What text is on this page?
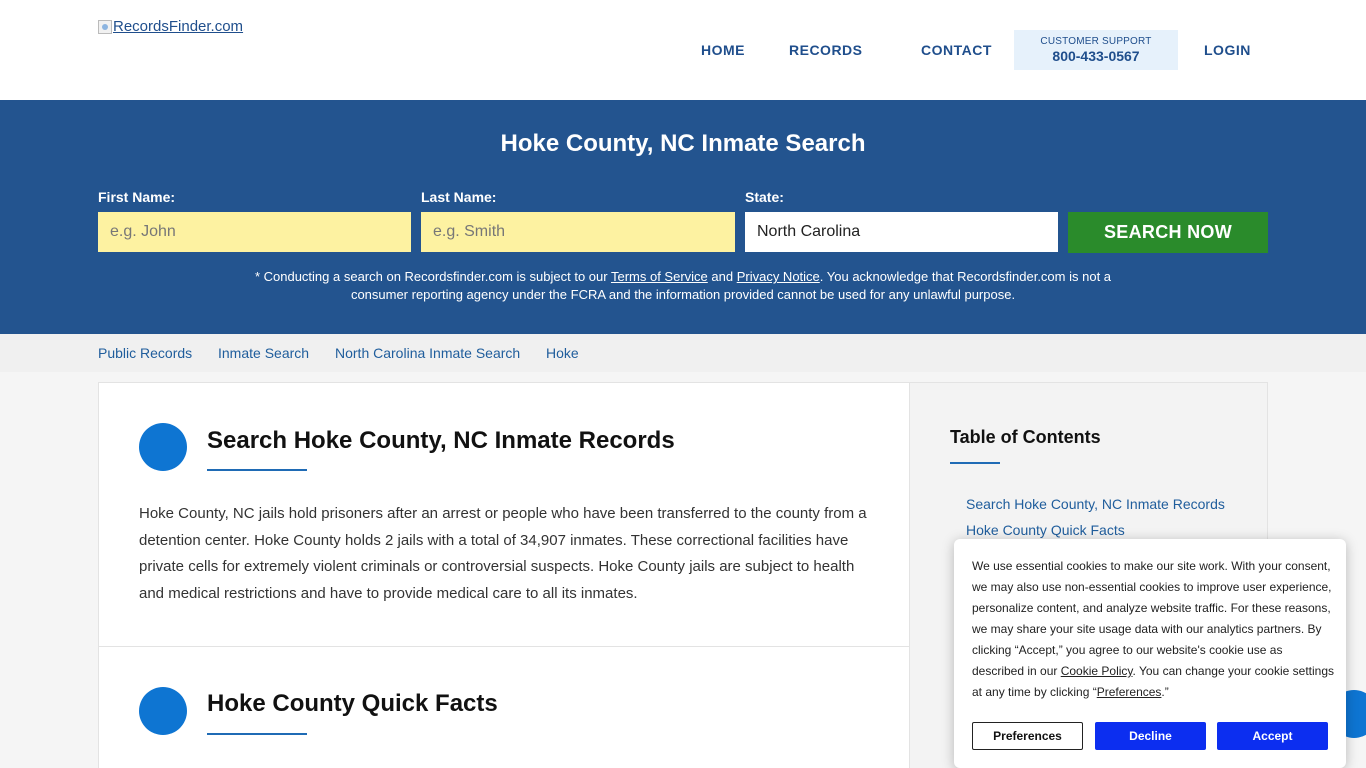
RecordsFinder.com
HOME	RECORDS	CONTACT
CUSTOMER SUPPORT
800-433-0567	LOGIN
Hoke County, NC Inmate Search
First Name:
e.g. John	Last Name:
e.g. Smith	State:
North Carolina
SEARCH NOW
* Conducting a search on Recordsfinder.com is subject to our Terms of Service and Privacy Notice. You acknowledge that Recordsfinder.com is not a consumer reporting agency under the FCRA and the information provided cannot be used for any unlawful purpose.
Public Records Inmate Search North Carolina Inmate Search Hoke
Search Hoke County, NC Inmate Records

Hoke County, NC jails hold prisoners after an arrest or people who have been transferred to the county from a detention center. Hoke County holds 2 jails with a total of 34,907 inmates. These correctional facilities have private cells for extremely violent criminals or controversial suspects. Hoke County jails are subject to health and medical restrictions and have to provide medical care to all its inmates.

Hoke County Quick Facts
Table of Contents
Search Hoke County, NC Inmate Records
Hoke County Quick Facts

We use essential cookies to make our site work. With your consent, we may also use non-essential cookies to improve user experience, personalize content, and analyze website traffic. For these reasons, we may share your site usage data with our analytics partners. By clicking “Accept,” you agree to our website's cookie use as described in our Cookie Policy. You can change your cookie settings at any time by clicking “Preferences.”

Preferences	Decline	Accept
